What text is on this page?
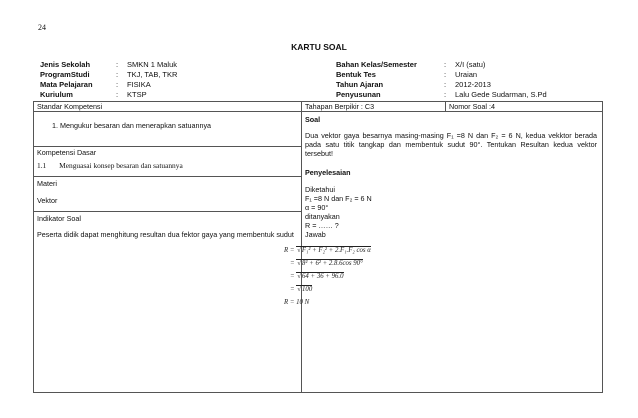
24
KARTU SOAL
Jenis Sekolah	:	SMKN 1 Maluk
ProgramStudi	:	TKJ, TAB, TKR
Mata Pelajaran	:	FISIKA
Kuriulum	:	KTSP
Bahan Kelas/Semester	:	X/I (satu)
Bentuk Tes	:	Uraian
Tahun Ajaran	:	2012-2013
Penyusunan	:	Lalu Gede Sudarman, S.Pd
Standar Kompetensi
1. Mengukur besaran dan menerapkan satuannya
Kompetensi Dasar
1.1       Menguasai konsep besaran dan satuannya
Materi
Vektor
Indikator Soal
Peserta didik dapat menghitung resultan dua fektor gaya yang membentuk sudut
Tahapan Berpikir : C3	Nomor Soal :4
Soal
Dua vektor gaya besarnya masing-masing F₁ =8 N dan F₂ = 6 N, kedua vekktor berada pada satu titik tangkap dan membentuk sudut 90°. Tentukan Resultan kedua vektor tersebut!
Penyelesaian
Diketahui
F₁ =8 N dan F₂ = 6 N
α = 90°
ditanyakan
R = …… ?
Jawab
R = √F₁² + F₂² + 2.F₁.F₂ cos α
= √8² + 6² + 2.8.6cos 90°
= √64 + 36 + 96.0
= √100
R = 10 N
